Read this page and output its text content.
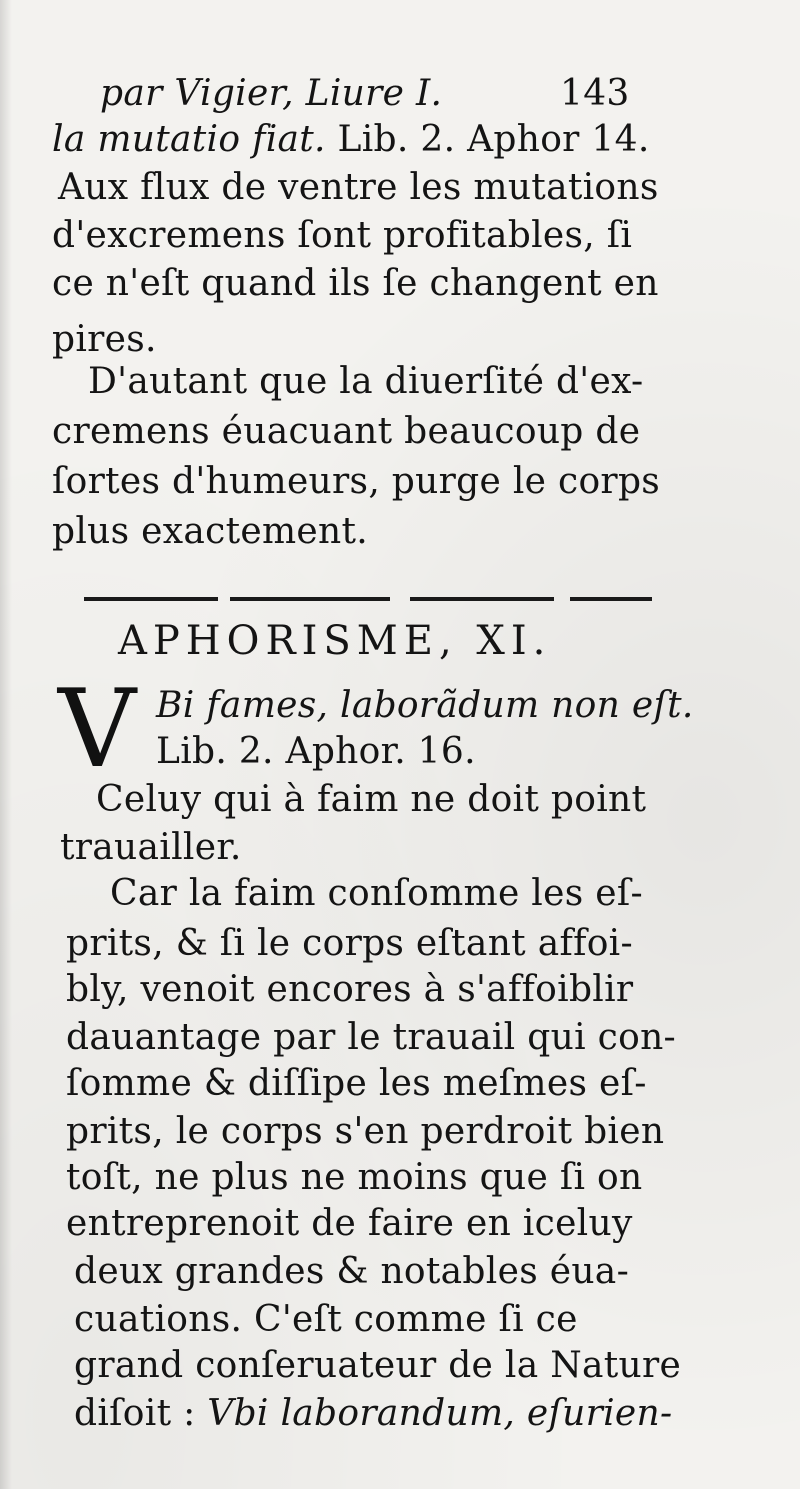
par Vigier, Liure I.	143
la mutatio fiat. Lib. 2. Aphor 14.
Aux flux de ventre les mutations
d'excremens ſont profitables, ſi
ce n'eſt quand ils ſe changent en
pires.
D'autant que la diuerſité d'ex-
cremens éuacuant beaucoup de
ſortes d'humeurs, purge le corps
plus exactement.
APHORISME, XI.
V Bi fames, laborãdum non eſt.
Lib. 2. Aphor. 16.
Celuy qui à faim ne doit point
trauailler.
Car la faim conſomme les eſ-
prits, & ſi le corps eſtant affoi-
bly, venoit encores à s'affoiblir
dauantage par le trauail qui con-
ſomme & diſſipe les meſmes eſ-
prits, le corps s'en perdroit bien
toſt, ne plus ne moins que ſi on
entreprenoit de faire en iceluy
deux grandes & notables éua-
cuations. C'eſt comme ſi ce
grand conſeruateur de la Nature
diſoit : Vbi laborandum, eſurien-
